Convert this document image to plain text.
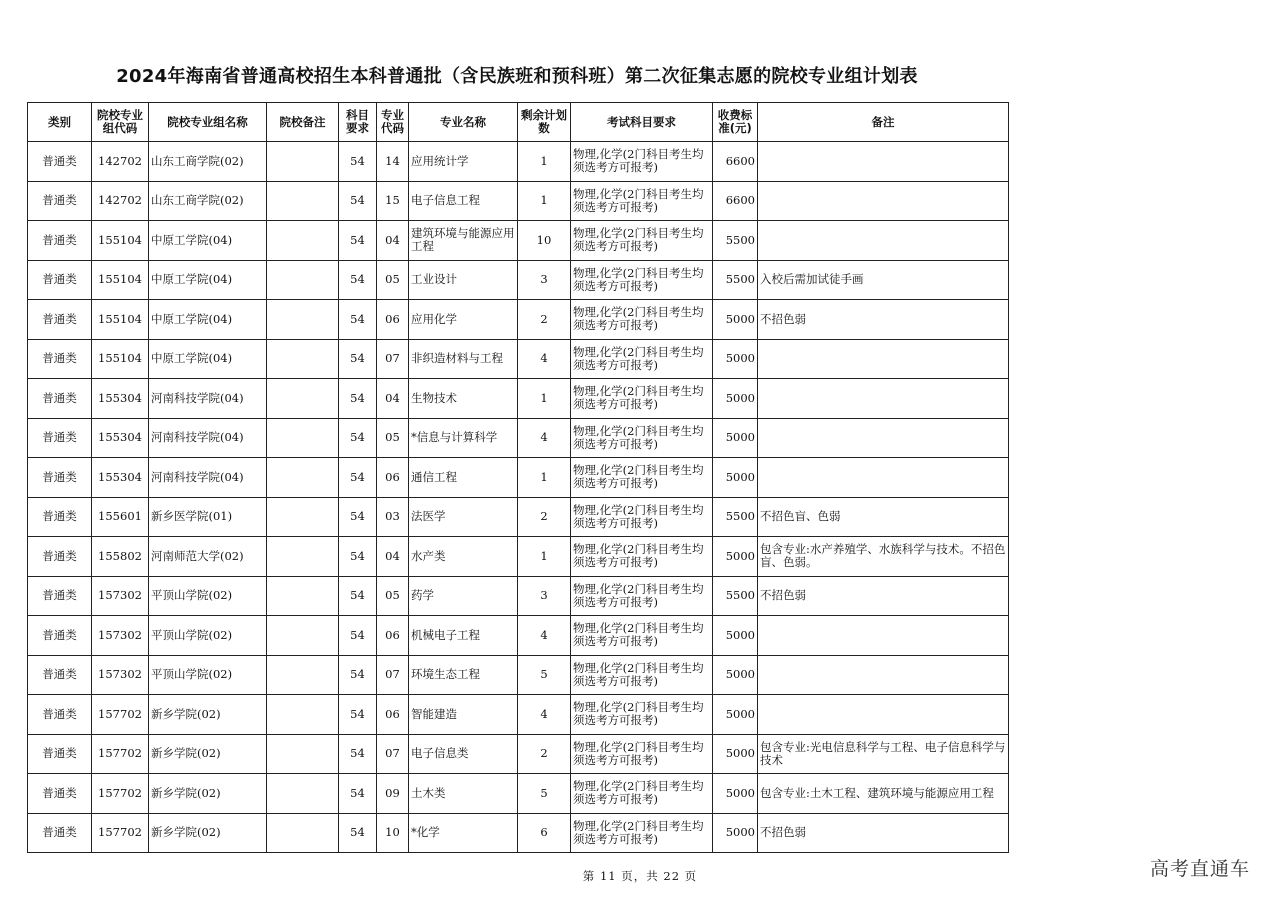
2024年海南省普通高校招生本科普通批（含民族班和预科班）第二次征集志愿的院校专业组计划表
类别	院校专业组代码	院校专业组名称	院校备注	科目要求	专业代码	专业名称	剩余计划数	考试科目要求	收费标准(元)	备注
普通类	142702	山东工商学院(02)		54	14	应用统计学	1	物理,化学(2门科目考生均须选考方可报考)	6600	
普通类	142702	山东工商学院(02)		54	15	电子信息工程	1	物理,化学(2门科目考生均须选考方可报考)	6600	
普通类	155104	中原工学院(04)		54	04	建筑环境与能源应用工程	10	物理,化学(2门科目考生均须选考方可报考)	5500	
普通类	155104	中原工学院(04)		54	05	工业设计	3	物理,化学(2门科目考生均须选考方可报考)	5500	入校后需加试徒手画
普通类	155104	中原工学院(04)		54	06	应用化学	2	物理,化学(2门科目考生均须选考方可报考)	5000	不招色弱
普通类	155104	中原工学院(04)		54	07	非织造材料与工程	4	物理,化学(2门科目考生均须选考方可报考)	5000	
普通类	155304	河南科技学院(04)		54	04	生物技术	1	物理,化学(2门科目考生均须选考方可报考)	5000	
普通类	155304	河南科技学院(04)		54	05	*信息与计算科学	4	物理,化学(2门科目考生均须选考方可报考)	5000	
普通类	155304	河南科技学院(04)		54	06	通信工程	1	物理,化学(2门科目考生均须选考方可报考)	5000	
普通类	155601	新乡医学院(01)		54	03	法医学	2	物理,化学(2门科目考生均须选考方可报考)	5500	不招色盲、色弱
普通类	155802	河南师范大学(02)		54	04	水产类	1	物理,化学(2门科目考生均须选考方可报考)	5000	包含专业:水产养殖学、水族科学与技术。不招色盲、色弱。
普通类	157302	平顶山学院(02)		54	05	药学	3	物理,化学(2门科目考生均须选考方可报考)	5500	不招色弱
普通类	157302	平顶山学院(02)		54	06	机械电子工程	4	物理,化学(2门科目考生均须选考方可报考)	5000	
普通类	157302	平顶山学院(02)		54	07	环境生态工程	5	物理,化学(2门科目考生均须选考方可报考)	5000	
普通类	157702	新乡学院(02)		54	06	智能建造	4	物理,化学(2门科目考生均须选考方可报考)	5000	
普通类	157702	新乡学院(02)		54	07	电子信息类	2	物理,化学(2门科目考生均须选考方可报考)	5000	包含专业:光电信息科学与工程、电子信息科学与技术
普通类	157702	新乡学院(02)		54	09	土木类	5	物理,化学(2门科目考生均须选考方可报考)	5000	包含专业:土木工程、建筑环境与能源应用工程
普通类	157702	新乡学院(02)		54	10	*化学	6	物理,化学(2门科目考生均须选考方可报考)	5000	不招色弱
第 11 页，共 22 页	高考直通车
